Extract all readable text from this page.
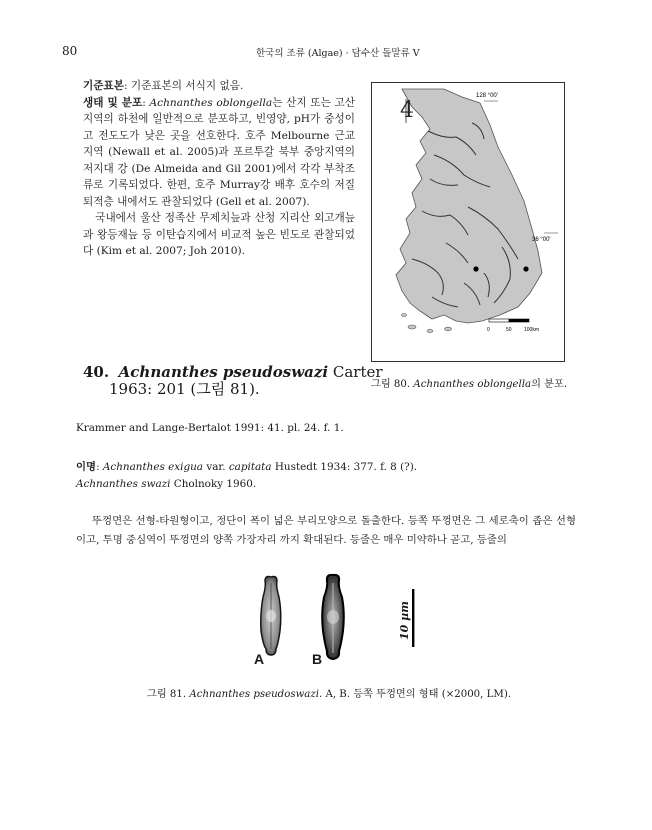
80	한국의 조류 (Algae) · 담수산 돌말류 V

기준표본: 기준표본의 서식지 없음.

생태 및 분포: Achnanthes oblongella는 산지 또는 고산 지역의 하천에 일반적으로 분포하고, 빈영양, pH가 중성이고 전도도가 낮은 곳을 선호한다. 호주 Melbourne 근교 지역 (Newall et al. 2005)과 포르투갈 북부 중앙지역의 저지대 강 (De Almeida and Gil 2001)에서 각각 부착조류로 기록되었다. 한편, 호주 Murray강 배후 호수의 저질퇴적층 내에서도 관찰되었다 (Gell et al. 2007).

국내에서 울산 정족산 무제치늪과 산청 지리산 외고개늪과 왕등재늪 등 이탄습지에서 비교적 높은 빈도로 관찰되었다 (Kim et al. 2007; Joh 2010).

128 °00'
36 °00'
4
0	50 100km
그림 80. Achnanthes oblongella의 분포.
40. Achnanthes pseudoswazi Carter
1963: 201 (그림 81).
Krammer and Lange-Bertalot 1991: 41. pl. 24. f. 1.
이명: Achnanthes exigua var. capitata Hustedt 1934: 377. f. 8 (?).
Achnanthes swazi Cholnoky 1960.
뚜껑면은 선형-타원형이고, 정단이 폭이 넓은 부리모양으로 돌출한다. 등쪽 뚜껑면은 그 세로축이 좁은 선형이고, 투명 중심역이 뚜껑면의 양쪽 가장자리 까지 확대된다. 등줄은 매우 미약하나 곧고, 등줄의
A	B
10 µm
그림 81. Achnanthes pseudoswazi. A, B. 등쪽 뚜껑면의 형태 (×2000, LM).
